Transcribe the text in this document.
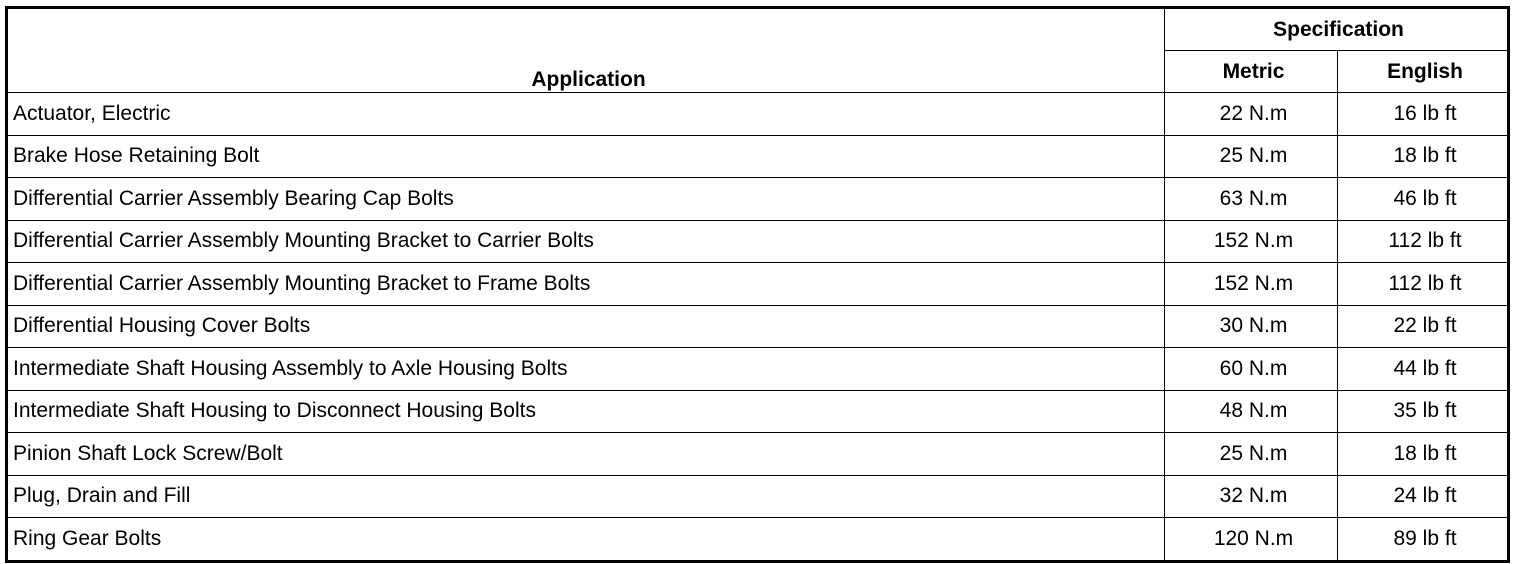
Application	Specification	
	Metric	English
Actuator, Electric	22 N.m	16 lb ft
Brake Hose Retaining Bolt	25 N.m	18 lb ft
Differential Carrier Assembly Bearing Cap Bolts	63 N.m	46 lb ft
Differential Carrier Assembly Mounting Bracket to Carrier Bolts	152 N.m	112 lb ft
Differential Carrier Assembly Mounting Bracket to Frame Bolts	152 N.m	112 lb ft
Differential Housing Cover Bolts	30 N.m	22 lb ft
Intermediate Shaft Housing Assembly to Axle Housing Bolts	60 N.m	44 lb ft
Intermediate Shaft Housing to Disconnect Housing Bolts	48 N.m	35 lb ft
Pinion Shaft Lock Screw/Bolt	25 N.m	18 lb ft
Plug, Drain and Fill	32 N.m	24 lb ft
Ring Gear Bolts	120 N.m	89 lb ft
